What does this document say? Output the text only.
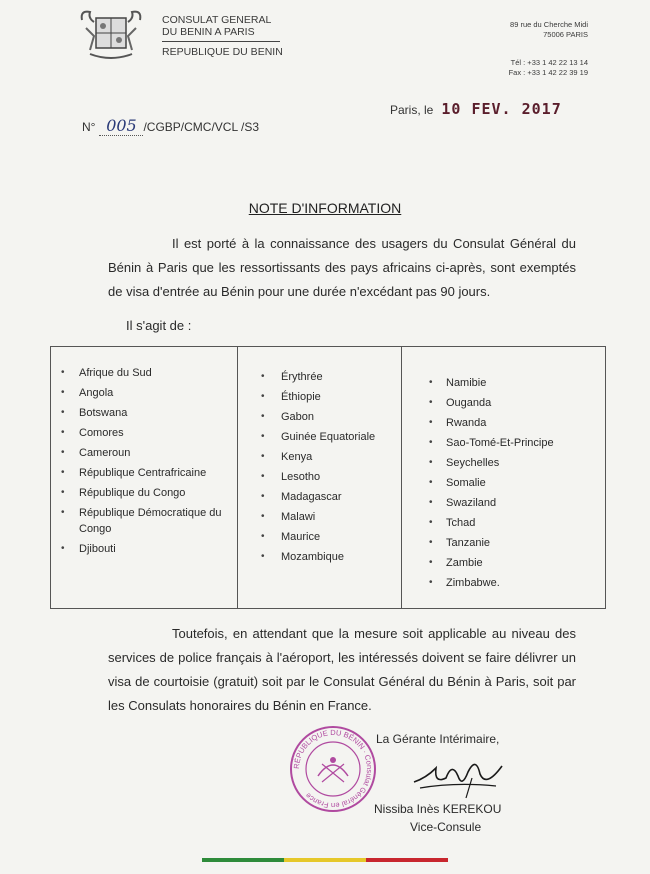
CONSULAT GENERAL
DU BENIN A PARIS
REPUBLIQUE DU BENIN
89 rue du Cherche Midi
75006 PARIS
Tél : +33 1 42 22 13 14
Fax : +33 1 42 22 39 19
Paris, le 10 FEV. 2017
N° 005 /CGBP/CMC/VCL /S3
NOTE D'INFORMATION

Il est porté à la connaissance des usagers du Consulat Général du Bénin à Paris que les ressortissants des pays africains ci-après, sont exemptés de visa d'entrée au Bénin pour une durée n'excédant pas 90 jours.

Il s'agit de :
• Afrique du Sud
• Angola
• Botswana
• Comores
• Cameroun
• République Centrafricaine
• République du Congo
• République Démocratique du Congo
• Djibouti
• Érythrée
• Éthiopie
• Gabon
• Guinée Equatoriale
• Kenya
• Lesotho
• Madagascar
• Malawi
• Maurice
• Mozambique
• Namibie
• Ouganda
• Rwanda
• Sao-Tomé-Et-Principe
• Seychelles
• Somalie
• Swaziland
• Tchad
• Tanzanie
• Zambie
• Zimbabwe.

Toutefois, en attendant que la mesure soit applicable au niveau des services de police français à l'aéroport, les intéressés doivent se faire délivrer un visa de courtoisie (gratuit) soit par le Consulat Général du Bénin à Paris, soit par les Consulats honoraires du Bénin en France.

RÉPUBLIQUE DU BÉNIN · Consulat Général en France
La Gérante Intérimaire,
Nissiba Inès KEREKOU
Vice-Consule
